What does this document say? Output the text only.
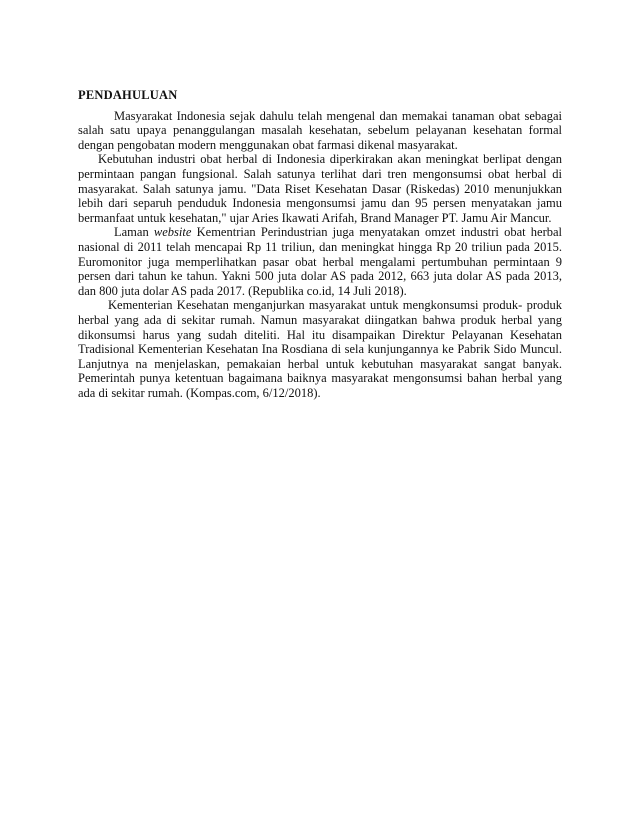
PENDAHULUAN

Masyarakat Indonesia sejak dahulu telah mengenal dan memakai tanaman obat sebagai salah satu upaya penanggulangan masalah kesehatan, sebelum pelayanan kesehatan formal dengan pengobatan modern menggunakan obat farmasi dikenal masyarakat.

Kebutuhan industri obat herbal di Indonesia diperkirakan akan meningkat berlipat dengan permintaan pangan fungsional. Salah satunya terlihat dari tren mengonsumsi obat herbal di masyarakat. Salah satunya jamu. "Data Riset Kesehatan Dasar (Riskedas) 2010 menunjukkan lebih dari separuh penduduk Indonesia mengonsumsi jamu dan 95 persen menyatakan jamu bermanfaat untuk kesehatan," ujar Aries Ikawati Arifah, Brand Manager PT. Jamu Air Mancur.

Laman website Kementrian Perindustrian juga menyatakan omzet industri obat herbal nasional di 2011 telah mencapai Rp 11 triliun, dan meningkat hingga Rp 20 triliun pada 2015. Euromonitor juga memperlihatkan pasar obat herbal mengalami pertumbuhan permintaan 9 persen dari tahun ke tahun. Yakni 500 juta dolar AS pada 2012, 663 juta dolar AS pada 2013, dan 800 juta dolar AS pada 2017. (Republika co.id, 14 Juli 2018).

Kementerian Kesehatan menganjurkan masyarakat untuk mengkonsumsi produk- produk herbal yang ada di sekitar rumah. Namun masyarakat diingatkan bahwa produk herbal yang dikonsumsi harus yang sudah diteliti. Hal itu disampaikan Direktur Pelayanan Kesehatan Tradisional Kementerian Kesehatan Ina Rosdiana di sela kunjungannya ke Pabrik Sido Muncul. Lanjutnya na menjelaskan, pemakaian herbal untuk kebutuhan masyarakat sangat banyak. Pemerintah punya ketentuan bagaimana baiknya masyarakat mengonsumsi bahan herbal yang ada di sekitar rumah. (Kompas.com, 6/12/2018).
